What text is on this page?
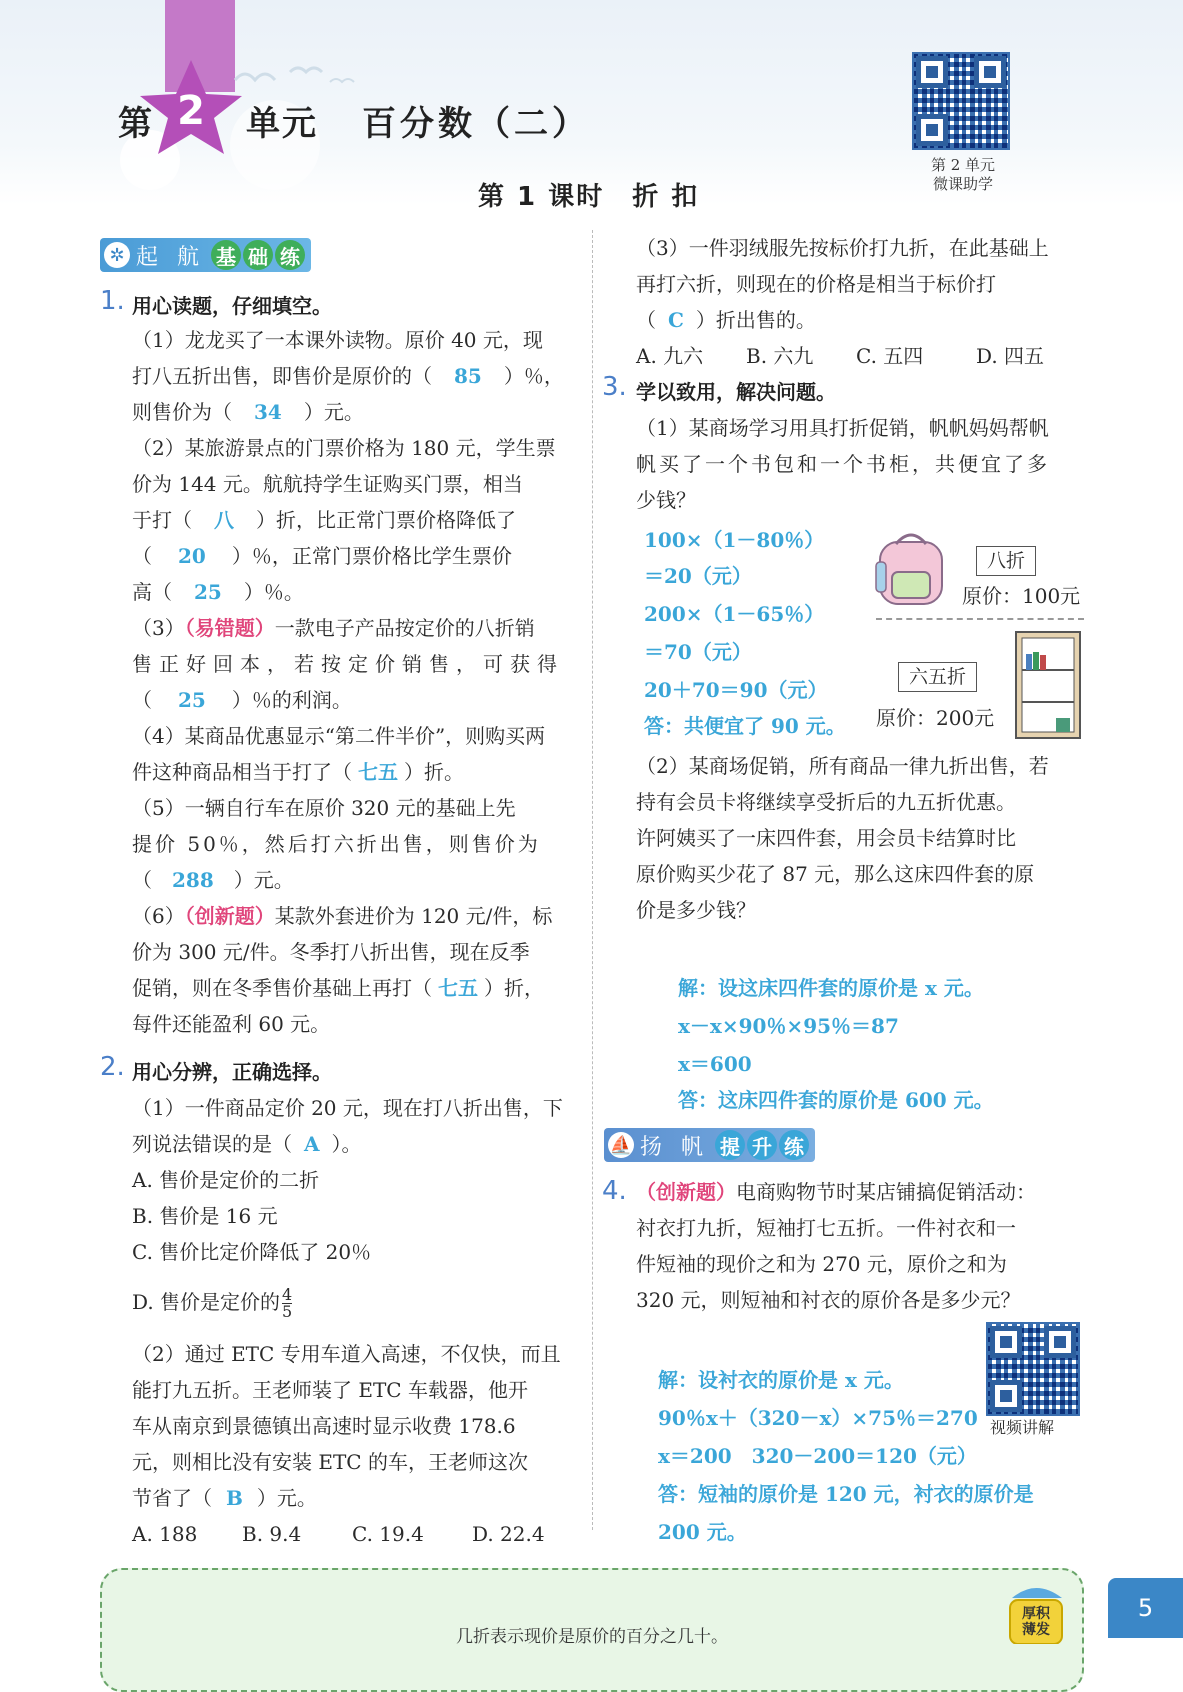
2
第	单元 百分数（二）
第 1 课时　折 扣
第 2 单元
微课助学
✲ 起 航 基 础 练
1. 用心读题，仔细填空。
（1）龙龙买了一本课外读物。原价 40 元，现
打八五折出售，即售价是原价的（ 85 ）％，
则售价为（ 34 ）元。
（2）某旅游景点的门票价格为 180 元，学生票
价为 144 元。航航持学生证购买门票，相当
于打（ 八 ）折，比正常门票价格降低了
（ 20 ）％，正常门票价格比学生票价
高（ 25 ）％。
（3）（易错题）一款电子产品按定价的八折销
售正好回本，若按定价销售，可获得
（ 25 ）％的利润。
（4）某商品优惠显示“第二件半价”，则购买两
件这种商品相当于打了（ 七五 ）折。
（5）一辆自行车在原价 320 元的基础上先
提价 50％，然后打六折出售，则售价为
（ 288 ）元。
（6）（创新题）某款外套进价为 120 元/件，标
价为 300 元/件。冬季打八折出售，现在反季
促销，则在冬季售价基础上再打（ 七五 ）折，
每件还能盈利 60 元。
2. 用心分辨，正确选择。
（1）一件商品定价 20 元，现在打八折出售，下
列说法错误的是（ A ）。
A. 售价是定价的二折
B. 售价是 16 元
C. 售价比定价降低了 20％
D. 售价是定价的 $\frac{4}{5}$
（2）通过 ETC 专用车道入高速，不仅快，而且
能打九五折。王老师装了 ETC 车载器，他开
车从南京到景德镇出高速时显示收费 178.6
元，则相比没有安装 ETC 的车，王老师这次
节省了（ B ）元。
A. 188 B. 9.4	C. 19.4 D. 22.4
（3）一件羽绒服先按标价打九折，在此基础上
再打六折，则现在的价格是相当于标价打
（ C ）折出售的。
A. 九六 B. 六九 C. 五四	D. 四五
3. 学以致用，解决问题。
（1）某商场学习用具打折促销，帆帆妈妈帮帆
帆买了一个书包和一个书柜，共便宜了多
少钱？
100×（1－80％）
＝20（元）
200×（1－65％）
＝70（元）
20＋70＝90（元）
答：共便宜了 90 元。
八折
原价：100元
六五折
原价：200元
（2）某商场促销，所有商品一律九折出售，若
持有会员卡将继续享受折后的九五折优惠。
许阿姨买了一床四件套，用会员卡结算时比
原价购买少花了 87 元，那么这床四件套的原
价是多少钱？
解：设这床四件套的原价是 x 元。
x－x×90％×95％＝87
x＝600
答：这床四件套的原价是 600 元。
⛵ 扬 帆 提 升 练
4. （创新题）电商购物节时某店铺搞促销活动：
衬衣打九折，短袖打七五折。一件衬衣和一
件短袖的现价之和为 270 元，原价之和为
320 元，则短袖和衬衣的原价各是多少元？
视频讲解
解：设衬衣的原价是 x 元。
90％x＋（320－x）×75％＝270
x＝200　320－200＝120（元）
答：短袖的原价是 120 元，衬衣的原价是
200 元。
几折表示现价是原价的百分之几十。
厚积薄发
5
